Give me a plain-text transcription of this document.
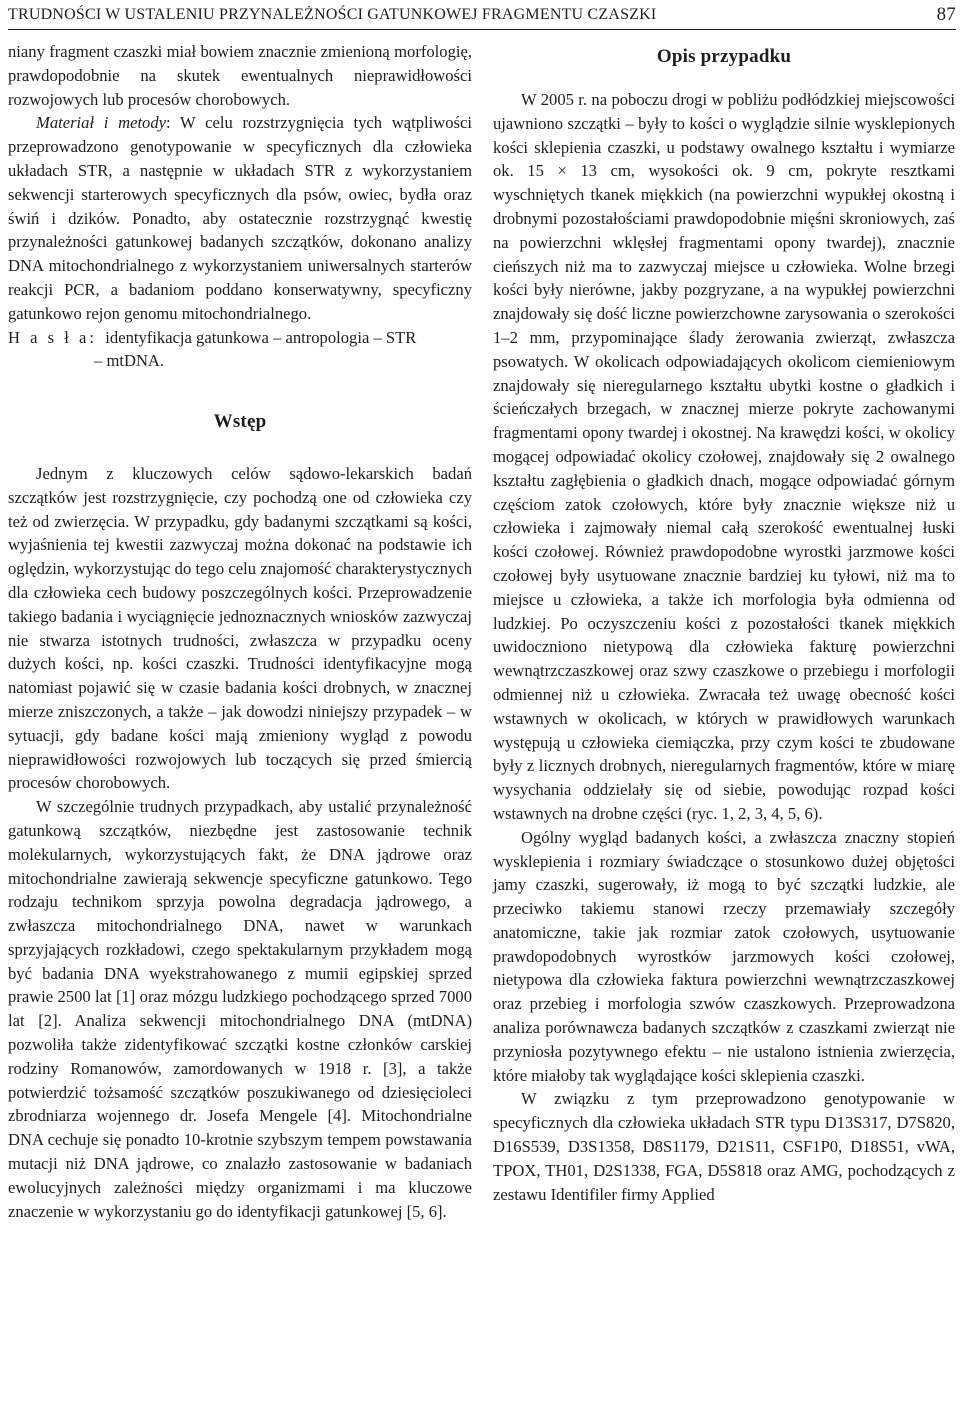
TRUDNOŚCI W USTALENIU PRZYNALEŻNOŚCI GATUNKOWEJ FRAGMENTU CZASZKI	87

niany fragment czaszki miał bowiem znacznie zmienioną morfologię, prawdopodobnie na skutek ewentualnych nieprawidłowości rozwojowych lub procesów chorobowych.

Materiał i metody: W celu rozstrzygnięcia tych wątpliwości przeprowadzono genotypowanie w specyficznych dla człowieka układach STR, a następnie w układach STR z wykorzystaniem sekwencji starterowych specyficznych dla psów, owiec, bydła oraz świń i dzików. Ponadto, aby ostatecznie rozstrzygnąć kwestię przynależności gatunkowej badanych szczątków, dokonano analizy DNA mitochondrialnego z wykorzystaniem uniwersalnych starterów reakcji PCR, a badaniom poddano konserwatywny, specyficzny gatunkowo rejon genomu mitochondrialnego.

H a s ł a: identyfikacja gatunkowa – antropologia – STR
– mtDNA.

Wstęp

Jednym z kluczowych celów sądowo-lekarskich badań szczątków jest rozstrzygnięcie, czy pochodzą one od człowieka czy też od zwierzęcia. W przypadku, gdy badanymi szczątkami są kości, wyjaśnienia tej kwestii zazwyczaj można dokonać na podstawie ich oględzin, wykorzystując do tego celu znajomość charakterystycznych dla człowieka cech budowy poszczególnych kości. Przeprowadzenie takiego badania i wyciągnięcie jednoznacznych wniosków zazwyczaj nie stwarza istotnych trudności, zwłaszcza w przypadku oceny dużych kości, np. kości czaszki. Trudności identyfikacyjne mogą natomiast pojawić się w czasie badania kości drobnych, w znacznej mierze zniszczonych, a także – jak dowodzi niniejszy przypadek – w sytuacji, gdy badane kości mają zmieniony wygląd z powodu nieprawidłowości rozwojowych lub toczących się przed śmiercią procesów chorobowych.

W szczególnie trudnych przypadkach, aby ustalić przynależność gatunkową szczątków, niezbędne jest zastosowanie technik molekularnych, wykorzystujących fakt, że DNA jądrowe oraz mitochondrialne zawierają sekwencje specyficzne gatunkowo. Tego rodzaju technikom sprzyja powolna degradacja jądrowego, a zwłaszcza mitochondrialnego DNA, nawet w warunkach sprzyjających rozkładowi, czego spektakularnym przykładem mogą być badania DNA wyekstrahowanego z mumii egipskiej sprzed prawie 2500 lat [1] oraz mózgu ludzkiego pochodzącego sprzed 7000 lat [2]. Analiza sekwencji mitochondrialnego DNA (mtDNA) pozwoliła także zidentyfikować szczątki kostne członków carskiej rodziny Romanowów, zamordowanych w 1918 r. [3], a także potwierdzić tożsamość szczątków poszukiwanego od dziesięcioleci zbrodniarza wojennego dr. Josefa Mengele [4]. Mitochondrialne DNA cechuje się ponadto 10-krotnie szybszym tempem powstawania mutacji niż DNA jądrowe, co znalazło zastosowanie w badaniach ewolucyjnych zależności między organizmami i ma kluczowe znaczenie w wykorzystaniu go do identyfikacji gatunkowej [5, 6].

Opis przypadku

W 2005 r. na poboczu drogi w pobliżu podłódzkiej miejscowości ujawniono szczątki – były to kości o wyglądzie silnie wysklepionych kości sklepienia czaszki, u podstawy owalnego kształtu i wymiarze ok. 15 × 13 cm, wysokości ok. 9 cm, pokryte resztkami wyschniętych tkanek miękkich (na powierzchni wypukłej okostną i drobnymi pozostałościami prawdopodobnie mięśni skroniowych, zaś na powierzchni wklęsłej fragmentami opony twardej), znacznie cieńszych niż ma to zazwyczaj miejsce u człowieka. Wolne brzegi kości były nierówne, jakby pozgryzane, a na wypukłej powierzchni znajdowały się dość liczne powierzchowne zarysowania o szerokości 1–2 mm, przypominające ślady żerowania zwierząt, zwłaszcza psowatych. W okolicach odpowiadających okolicom ciemieniowym znajdowały się nieregularnego kształtu ubytki kostne o gładkich i ścieńczałych brzegach, w znacznej mierze pokryte zachowanymi fragmentami opony twardej i okostnej. Na krawędzi kości, w okolicy mogącej odpowiadać okolicy czołowej, znajdowały się 2 owalnego kształtu zagłębienia o gładkich dnach, mogące odpowiadać górnym częściom zatok czołowych, które były znacznie większe niż u człowieka i zajmowały niemal całą szerokość ewentualnej łuski kości czołowej. Również prawdopodobne wyrostki jarzmowe kości czołowej były usytuowane znacznie bardziej ku tyłowi, niż ma to miejsce u człowieka, a także ich morfologia była odmienna od ludzkiej. Po oczyszczeniu kości z pozostałości tkanek miękkich uwidoczniono nietypową dla człowieka fakturę powierzchni wewnątrzczaszkowej oraz szwy czaszkowe o przebiegu i morfologii odmiennej niż u człowieka. Zwracała też uwagę obecność kości wstawnych w okolicach, w których w prawidłowych warunkach występują u człowieka ciemiączka, przy czym kości te zbudowane były z licznych drobnych, nieregularnych fragmentów, które w miarę wysychania oddzielały się od siebie, powodując rozpad kości wstawnych na drobne części (ryc. 1, 2, 3, 4, 5, 6).

Ogólny wygląd badanych kości, a zwłaszcza znaczny stopień wysklepienia i rozmiary świadczące o stosunkowo dużej objętości jamy czaszki, sugerowały, iż mogą to być szczątki ludzkie, ale przeciwko takiemu stanowi rzeczy przemawiały szczegóły anatomiczne, takie jak rozmiar zatok czołowych, usytuowanie prawdopodobnych wyrostków jarzmowych kości czołowej, nietypowa dla człowieka faktura powierzchni wewnątrzczaszkowej oraz przebieg i morfologia szwów czaszkowych. Przeprowadzona analiza porównawcza badanych szczątków z czaszkami zwierząt nie przyniosła pozytywnego efektu – nie ustalono istnienia zwierzęcia, które miałoby tak wyglądające kości sklepienia czaszki.

W związku z tym przeprowadzono genotypowanie w specyficznych dla człowieka układach STR typu D13S317, D7S820, D16S539, D3S1358, D8S1179, D21S11, CSF1P0, D18S51, vWA, TPOX, TH01, D2S1338, FGA, D5S818 oraz AMG, pochodzących z zestawu Identifiler firmy Applied
